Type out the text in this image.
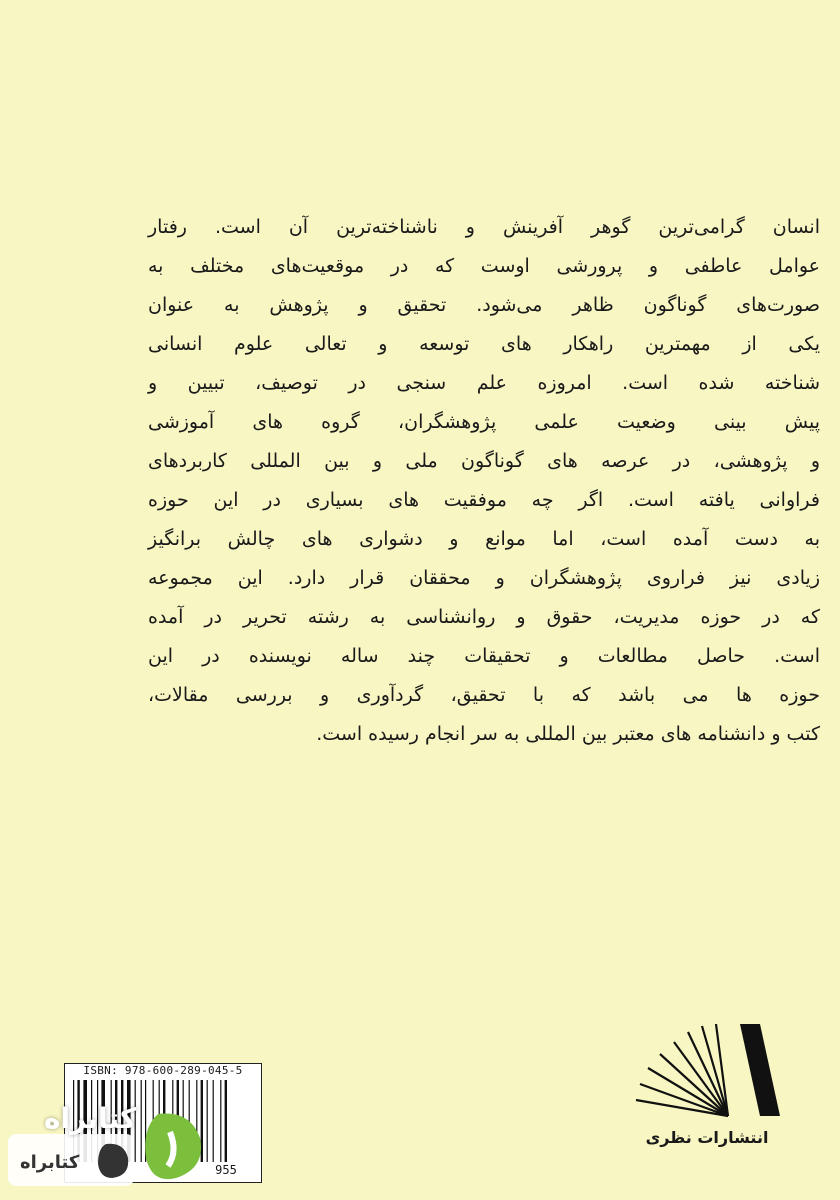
انسان گرامی‌ترین گوهر آفرینش و ناشناخته‌ترین آن است. رفتار
عوامل عاطفی و پرورشی اوست که در موقعیت‌های مختلف به
صورت‌های گوناگون ظاهر می‌شود. تحقیق و پژوهش به عنوان
یکی از مهمترین راهکار های توسعه و تعالی علوم انسانی
شناخته شده است. امروزه علم سنجی در توصیف، تبیین و
پیش بینی وضعیت علمی پژوهشگران، گروه های آموزشی
و پژوهشی، در عرصه های گوناگون ملی و بین المللی کاربردهای
فراوانی یافته است. اگر چه موفقیت های بسیاری در این حوزه
به دست آمده است، اما موانع و دشواری های چالش برانگیز
زیادی نیز فراروی پژوهشگران و محققان قرار دارد. این مجموعه
که در حوزه مدیریت، حقوق و روانشناسی به رشته تحریر در آمده
است. حاصل مطالعات و تحقیقات چند ساله نویسنده در این
حوزه ها می باشد که با تحقیق، گردآوری و بررسی مقالات،
کتب و دانشنامه های معتبر بین المللی به سر انجام رسیده است.
انتشارات نظری
ISBN: 978-600-289-045-5
955
کتابراه
کتابراه
